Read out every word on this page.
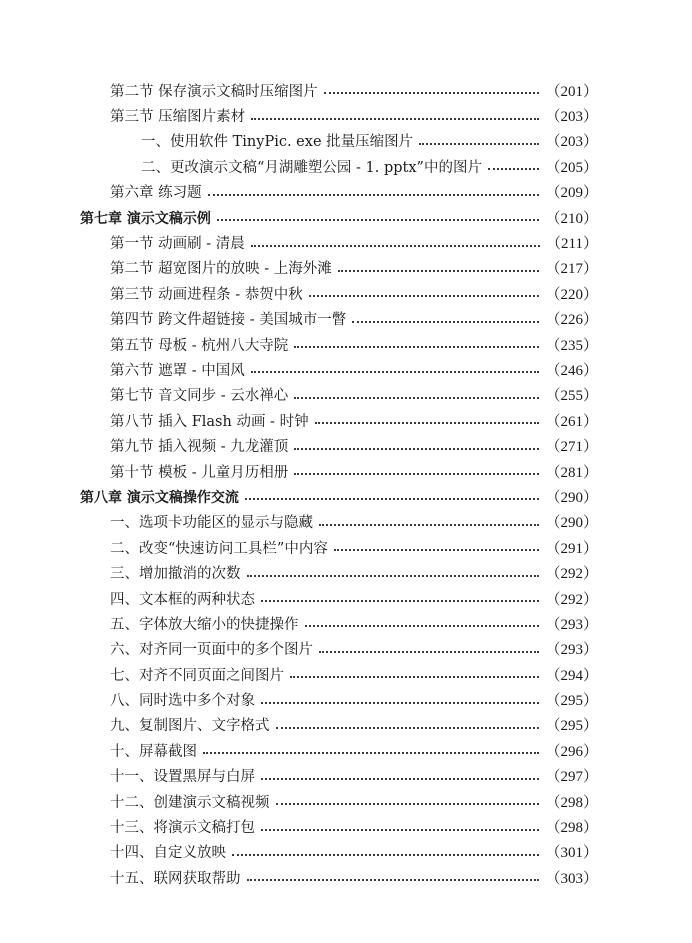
第二节 保存演示文稿时压缩图片	（201）
第三节 压缩图片素材	（203）
一、使用软件 TinyPic. exe 批量压缩图片	（203）
二、更改演示文稿“月湖雕塑公园 - 1. pptx”中的图片	（205）
第六章 练习题	（209）
第七章 演示文稿示例	（210）
第一节 动画刷 - 清晨	（211）
第二节 超宽图片的放映 - 上海外滩	（217）
第三节 动画进程条 - 恭贺中秋	（220）
第四节 跨文件超链接 - 美国城市一瞥	（226）
第五节 母板 - 杭州八大寺院	（235）
第六节 遮罩 - 中国风	（246）
第七节 音文同步 - 云水禅心	（255）
第八节 插入 Flash 动画 - 时钟	（261）
第九节 插入视频 - 九龙灌顶	（271）
第十节 模板 - 儿童月历相册	（281）
第八章 演示文稿操作交流	（290）
一、选项卡功能区的显示与隐藏	（290）
二、改变“快速访问工具栏”中内容	（291）
三、增加撤消的次数	（292）
四、文本框的两种状态	（292）
五、字体放大缩小的快捷操作	（293）
六、对齐同一页面中的多个图片	（293）
七、对齐不同页面之间图片	（294）
八、同时选中多个对象	（295）
九、复制图片、文字格式	（295）
十、屏幕截图	（296）
十一、设置黑屏与白屏	（297）
十二、创建演示文稿视频	（298）
十三、将演示文稿打包	（298）
十四、自定义放映	（301）
十五、联网获取帮助	（303）
